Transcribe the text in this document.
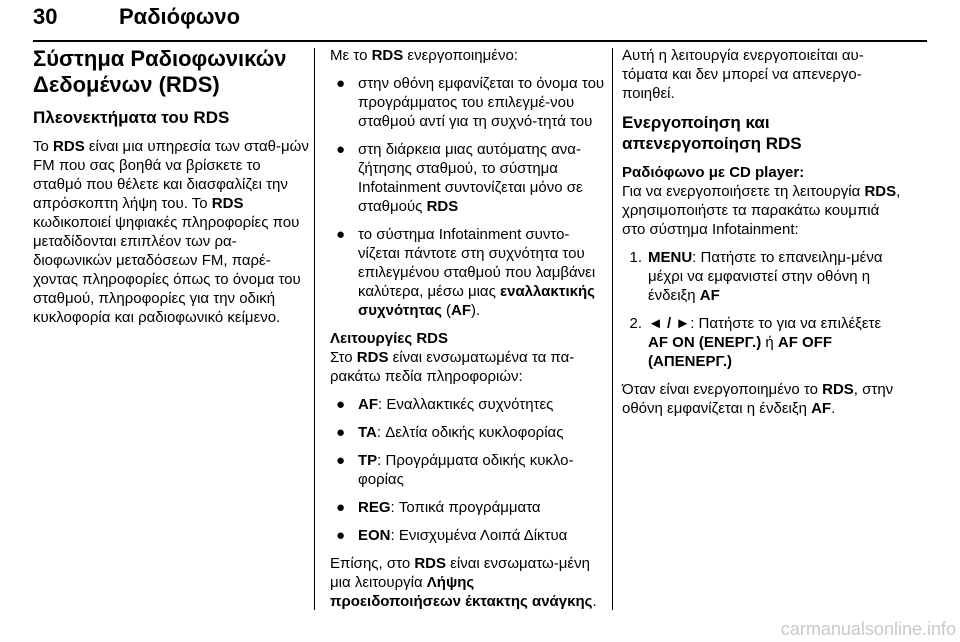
30	Ραδιόφωνο
Σύστημα Ραδιοφωνικών Δεδομένων (RDS)
Πλεονεκτήματα του RDS

Το RDS είναι μια υπηρεσία των σταθ-μών FM που σας βοηθά να βρίσκετε το σταθμό που θέλετε και διασφαλίζει την απρόσκοπτη λήψη του. Το RDS κωδικοποιεί ψηφιακές πληροφορίες που μεταδίδονται επιπλέον των ρα-διοφωνικών μεταδόσεων FM, παρέ-χοντας πληροφορίες όπως το όνομα του σταθμού, πληροφορίες για την οδική κυκλοφορία και ραδιοφωνικό κείμενο.

Με το RDS ενεργοποιημένο:

● στην οθόνη εμφανίζεται το όνομα του προγράμματος του επιλεγμέ-νου σταθμού αντί για τη συχνό-τητά του
● στη διάρκεια μιας αυτόματης ανα-ζήτησης σταθμού, το σύστημα Infotainment συντονίζεται μόνο σε σταθμούς RDS
● το σύστημα Infotainment συντο-νίζεται πάντοτε στη συχνότητα του επιλεγμένου σταθμού που λαμβάνει καλύτερα, μέσω μιας εναλλακτικής συχνότητας (AF).
Λειτουργίες RDS

Στο RDS είναι ενσωματωμένα τα πα-ρακάτω πεδία πληροφοριών:

● AF: Εναλλακτικές συχνότητες
● TA: Δελτία οδικής κυκλοφορίας
● TP: Προγράμματα οδικής κυκλο-φορίας
● REG: Τοπικά προγράμματα
● EON: Ενισχυμένα Λοιπά Δίκτυα

Επίσης, στο RDS είναι ενσωματω-μένη μια λειτουργία Λήψης προειδοποιήσεων έκτακτης ανάγκης.

Αυτή η λειτουργία ενεργοποιείται αυ-τόματα και δεν μπορεί να απενεργο-ποιηθεί.

Ενεργοποίηση και απενεργοποίηση RDS
Ραδιόφωνο με CD player:

Για να ενεργοποιήσετε τη λειτουργία RDS, χρησιμοποιήστε τα παρακάτω κουμπιά στο σύστημα Infotainment:

1. MENU: Πατήστε το επανειλημ-μένα μέχρι να εμφανιστεί στην οθόνη η ένδειξη AF
2. ◄ / ►: Πατήστε το για να επιλέξετε AF ON (ΕΝΕΡΓ.) ή AF OFF (ΑΠΕΝΕΡΓ.)

Όταν είναι ενεργοποιημένο το RDS, στην οθόνη εμφανίζεται η ένδειξη AF.

carmanualsonline.info
